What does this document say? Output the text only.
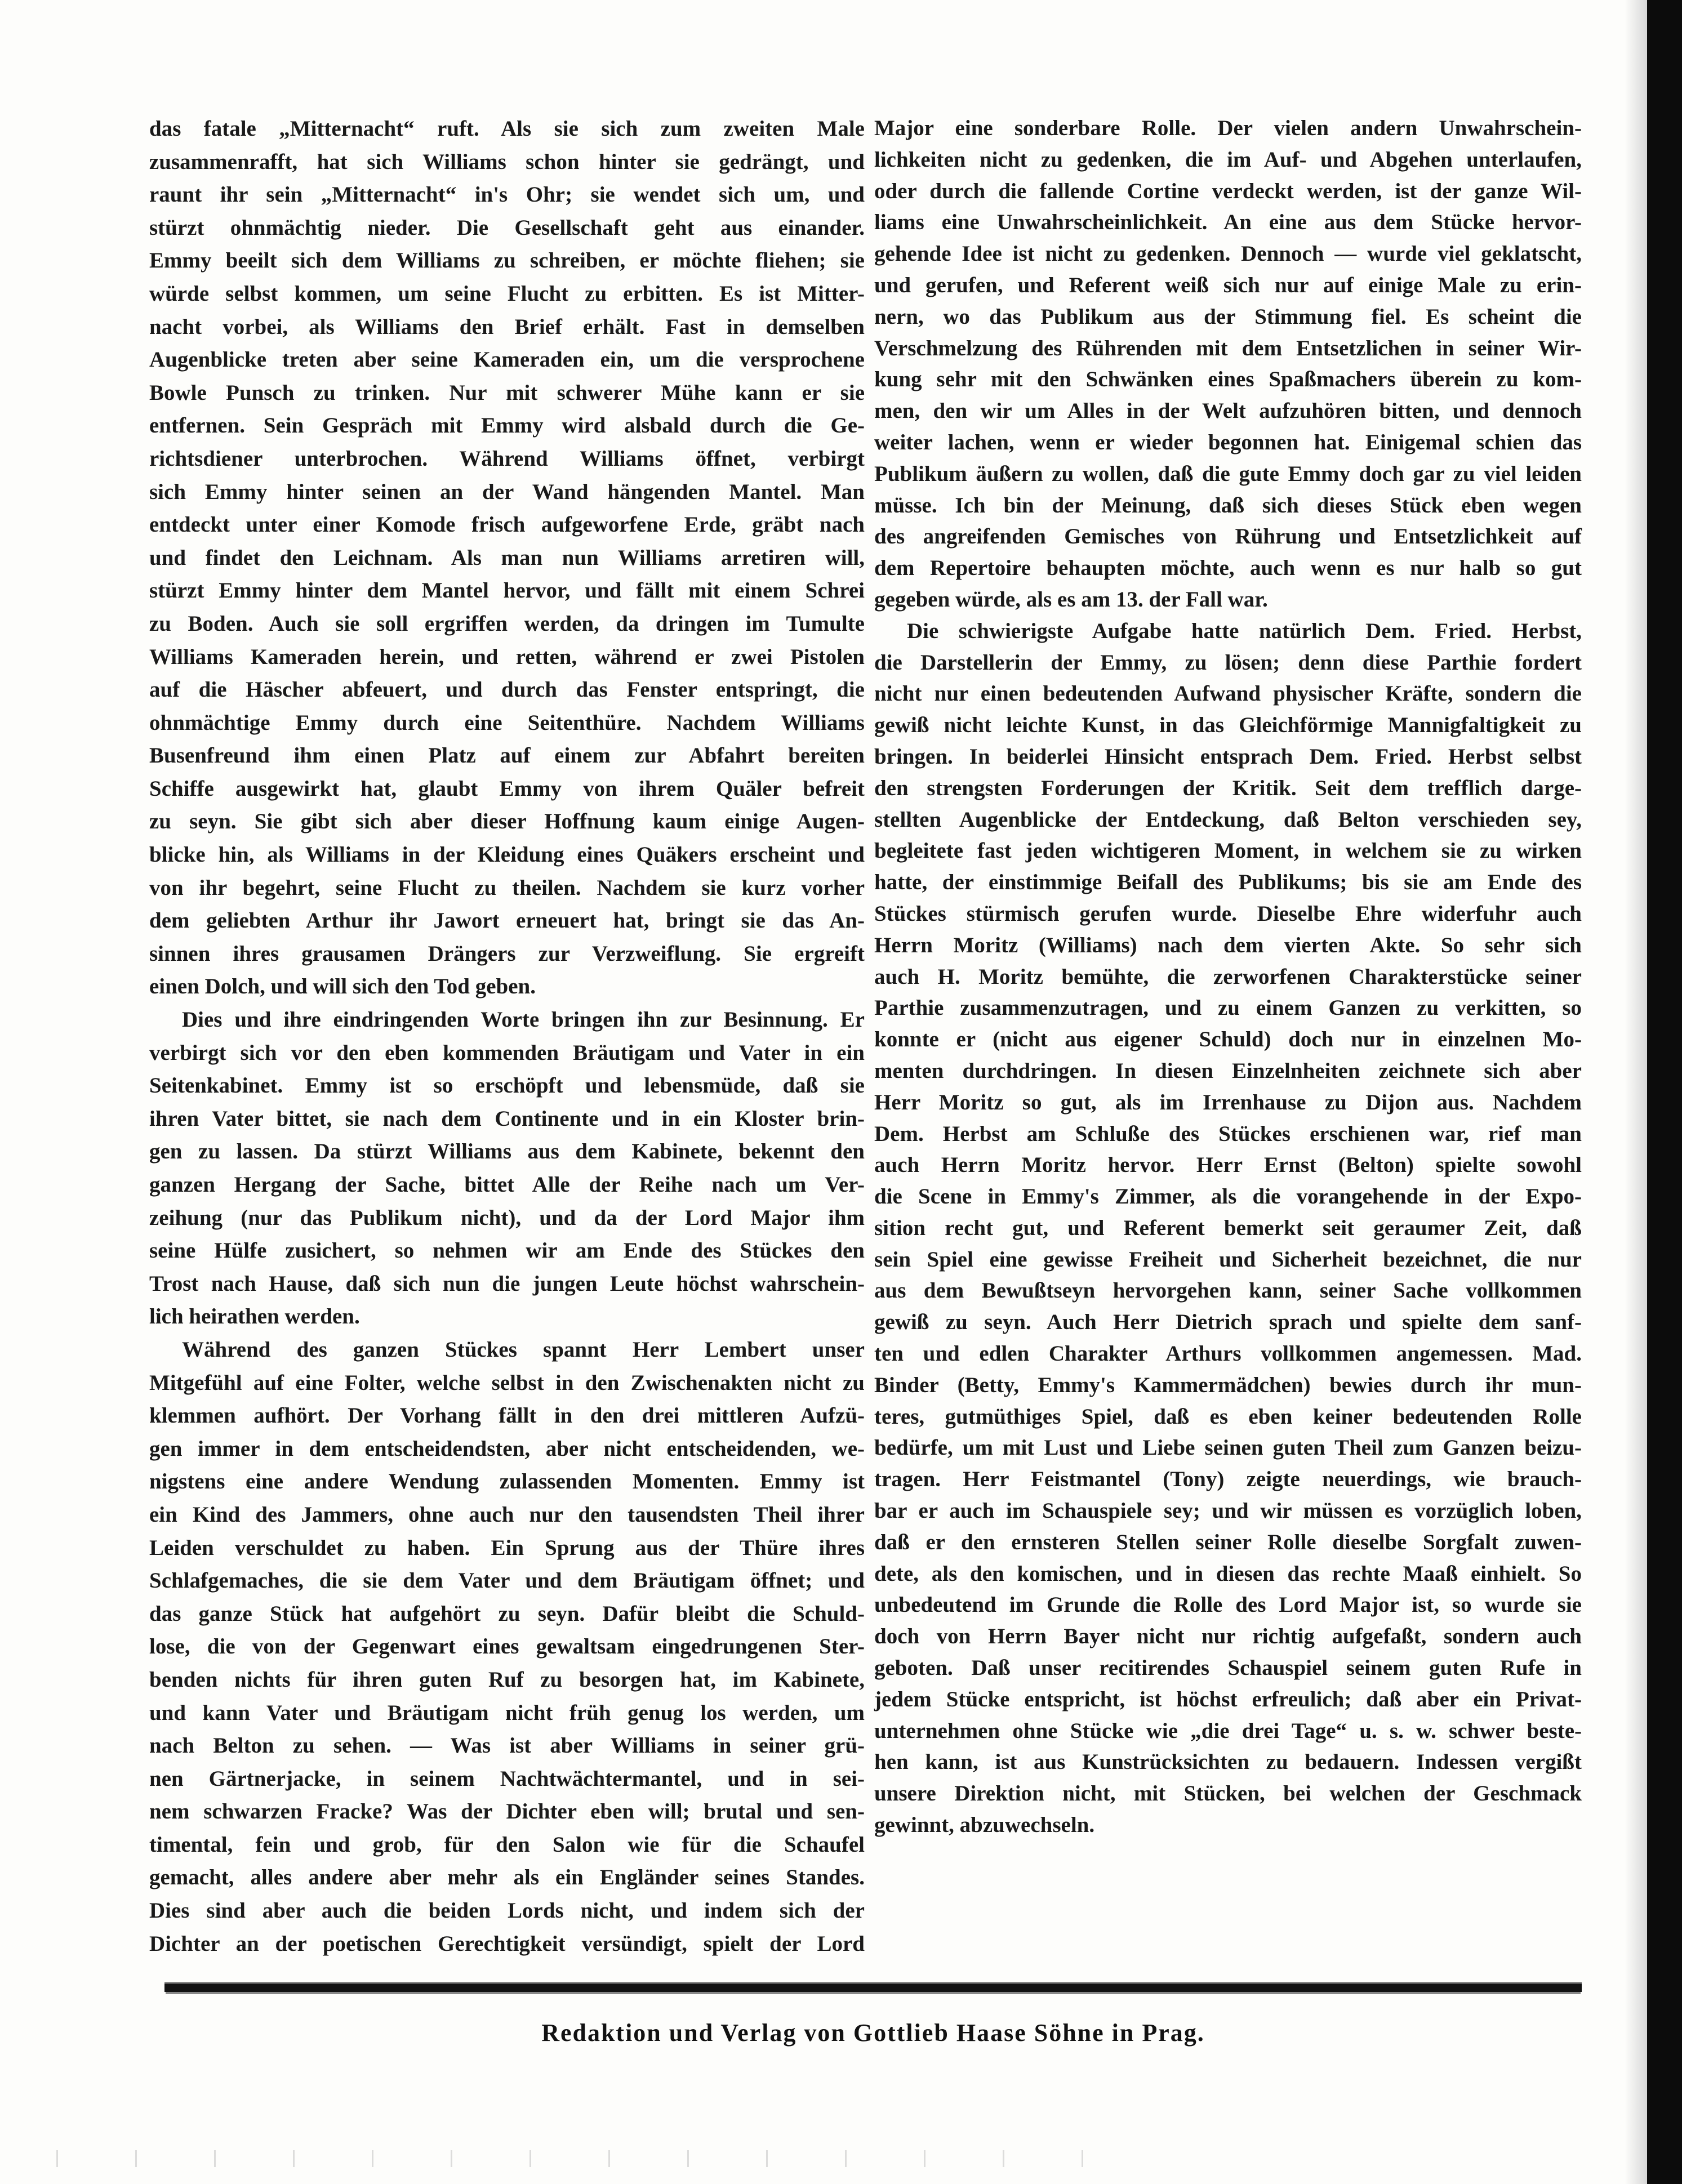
das fatale „Mitternacht“ ruft. Als sie sich zum zweiten Male
zusammenrafft, hat sich Williams schon hinter sie gedrängt, und
raunt ihr sein „Mitternacht“ in's Ohr; sie wendet sich um, und
stürzt ohnmächtig nieder. Die Gesellschaft geht aus einander.
Emmy beeilt sich dem Williams zu schreiben, er möchte fliehen; sie
würde selbst kommen, um seine Flucht zu erbitten. Es ist Mitter-
nacht vorbei, als Williams den Brief erhält. Fast in demselben
Augenblicke treten aber seine Kameraden ein, um die versprochene
Bowle Punsch zu trinken. Nur mit schwerer Mühe kann er sie
entfernen. Sein Gespräch mit Emmy wird alsbald durch die Ge-
richtsdiener unterbrochen. Während Williams öffnet, verbirgt
sich Emmy hinter seinen an der Wand hängenden Mantel. Man
entdeckt unter einer Komode frisch aufgeworfene Erde, gräbt nach
und findet den Leichnam. Als man nun Williams arretiren will,
stürzt Emmy hinter dem Mantel hervor, und fällt mit einem Schrei
zu Boden. Auch sie soll ergriffen werden, da dringen im Tumulte
Williams Kameraden herein, und retten, während er zwei Pistolen
auf die Häscher abfeuert, und durch das Fenster entspringt, die
ohnmächtige Emmy durch eine Seitenthüre. Nachdem Williams
Busenfreund ihm einen Platz auf einem zur Abfahrt bereiten
Schiffe ausgewirkt hat, glaubt Emmy von ihrem Quäler befreit
zu seyn. Sie gibt sich aber dieser Hoffnung kaum einige Augen-
blicke hin, als Williams in der Kleidung eines Quäkers erscheint und
von ihr begehrt, seine Flucht zu theilen. Nachdem sie kurz vorher
dem geliebten Arthur ihr Jawort erneuert hat, bringt sie das An-
sinnen ihres grausamen Drängers zur Verzweiflung. Sie ergreift
einen Dolch, und will sich den Tod geben.
Dies und ihre eindringenden Worte bringen ihn zur Besinnung. Er
verbirgt sich vor den eben kommenden Bräutigam und Vater in ein
Seitenkabinet. Emmy ist so erschöpft und lebensmüde, daß sie
ihren Vater bittet, sie nach dem Continente und in ein Kloster brin-
gen zu lassen. Da stürzt Williams aus dem Kabinete, bekennt den
ganzen Hergang der Sache, bittet Alle der Reihe nach um Ver-
zeihung (nur das Publikum nicht), und da der Lord Major ihm
seine Hülfe zusichert, so nehmen wir am Ende des Stückes den
Trost nach Hause, daß sich nun die jungen Leute höchst wahrschein-
lich heirathen werden.
Während des ganzen Stückes spannt Herr Lembert unser
Mitgefühl auf eine Folter, welche selbst in den Zwischenakten nicht zu
klemmen aufhört. Der Vorhang fällt in den drei mittleren Aufzü-
gen immer in dem entscheidendsten, aber nicht entscheidenden, we-
nigstens eine andere Wendung zulassenden Momenten. Emmy ist
ein Kind des Jammers, ohne auch nur den tausendsten Theil ihrer
Leiden verschuldet zu haben. Ein Sprung aus der Thüre ihres
Schlafgemaches, die sie dem Vater und dem Bräutigam öffnet; und
das ganze Stück hat aufgehört zu seyn. Dafür bleibt die Schuld-
lose, die von der Gegenwart eines gewaltsam eingedrungenen Ster-
benden nichts für ihren guten Ruf zu besorgen hat, im Kabinete,
und kann Vater und Bräutigam nicht früh genug los werden, um
nach Belton zu sehen. — Was ist aber Williams in seiner grü-
nen Gärtnerjacke, in seinem Nachtwächtermantel, und in sei-
nem schwarzen Fracke? Was der Dichter eben will; brutal und sen-
timental, fein und grob, für den Salon wie für die Schaufel
gemacht, alles andere aber mehr als ein Engländer seines Standes.
Dies sind aber auch die beiden Lords nicht, und indem sich der
Dichter an der poetischen Gerechtigkeit versündigt, spielt der Lord
Major eine sonderbare Rolle. Der vielen andern Unwahrschein-
lichkeiten nicht zu gedenken, die im Auf- und Abgehen unterlaufen,
oder durch die fallende Cortine verdeckt werden, ist der ganze Wil-
liams eine Unwahrscheinlichkeit. An eine aus dem Stücke hervor-
gehende Idee ist nicht zu gedenken. Dennoch — wurde viel geklatscht,
und gerufen, und Referent weiß sich nur auf einige Male zu erin-
nern, wo das Publikum aus der Stimmung fiel. Es scheint die
Verschmelzung des Rührenden mit dem Entsetzlichen in seiner Wir-
kung sehr mit den Schwänken eines Spaßmachers überein zu kom-
men, den wir um Alles in der Welt aufzuhören bitten, und dennoch
weiter lachen, wenn er wieder begonnen hat. Einigemal schien das
Publikum äußern zu wollen, daß die gute Emmy doch gar zu viel leiden
müsse. Ich bin der Meinung, daß sich dieses Stück eben wegen
des angreifenden Gemisches von Rührung und Entsetzlichkeit auf
dem Repertoire behaupten möchte, auch wenn es nur halb so gut
gegeben würde, als es am 13. der Fall war.
Die schwierigste Aufgabe hatte natürlich Dem. Fried. Herbst,
die Darstellerin der Emmy, zu lösen; denn diese Parthie fordert
nicht nur einen bedeutenden Aufwand physischer Kräfte, sondern die
gewiß nicht leichte Kunst, in das Gleichförmige Mannigfaltigkeit zu
bringen. In beiderlei Hinsicht entsprach Dem. Fried. Herbst selbst
den strengsten Forderungen der Kritik. Seit dem trefflich darge-
stellten Augenblicke der Entdeckung, daß Belton verschieden sey,
begleitete fast jeden wichtigeren Moment, in welchem sie zu wirken
hatte, der einstimmige Beifall des Publikums; bis sie am Ende des
Stückes stürmisch gerufen wurde. Dieselbe Ehre widerfuhr auch
Herrn Moritz (Williams) nach dem vierten Akte. So sehr sich
auch H. Moritz bemühte, die zerworfenen Charakterstücke seiner
Parthie zusammenzutragen, und zu einem Ganzen zu verkitten, so
konnte er (nicht aus eigener Schuld) doch nur in einzelnen Mo-
menten durchdringen. In diesen Einzelnheiten zeichnete sich aber
Herr Moritz so gut, als im Irrenhause zu Dijon aus. Nachdem
Dem. Herbst am Schluße des Stückes erschienen war, rief man
auch Herrn Moritz hervor. Herr Ernst (Belton) spielte sowohl
die Scene in Emmy's Zimmer, als die vorangehende in der Expo-
sition recht gut, und Referent bemerkt seit geraumer Zeit, daß
sein Spiel eine gewisse Freiheit und Sicherheit bezeichnet, die nur
aus dem Bewußtseyn hervorgehen kann, seiner Sache vollkommen
gewiß zu seyn. Auch Herr Dietrich sprach und spielte dem sanf-
ten und edlen Charakter Arthurs vollkommen angemessen. Mad.
Binder (Betty, Emmy's Kammermädchen) bewies durch ihr mun-
teres, gutmüthiges Spiel, daß es eben keiner bedeutenden Rolle
bedürfe, um mit Lust und Liebe seinen guten Theil zum Ganzen beizu-
tragen. Herr Feistmantel (Tony) zeigte neuerdings, wie brauch-
bar er auch im Schauspiele sey; und wir müssen es vorzüglich loben,
daß er den ernsteren Stellen seiner Rolle dieselbe Sorgfalt zuwen-
dete, als den komischen, und in diesen das rechte Maaß einhielt. So
unbedeutend im Grunde die Rolle des Lord Major ist, so wurde sie
doch von Herrn Bayer nicht nur richtig aufgefaßt, sondern auch
geboten. Daß unser recitirendes Schauspiel seinem guten Rufe in
jedem Stücke entspricht, ist höchst erfreulich; daß aber ein Privat-
unternehmen ohne Stücke wie „die drei Tage“ u. s. w. schwer beste-
hen kann, ist aus Kunstrücksichten zu bedauern. Indessen vergißt
unsere Direktion nicht, mit Stücken, bei welchen der Geschmack
gewinnt, abzuwechseln.
Redaktion und Verlag von Gottlieb Haase Söhne in Prag.
